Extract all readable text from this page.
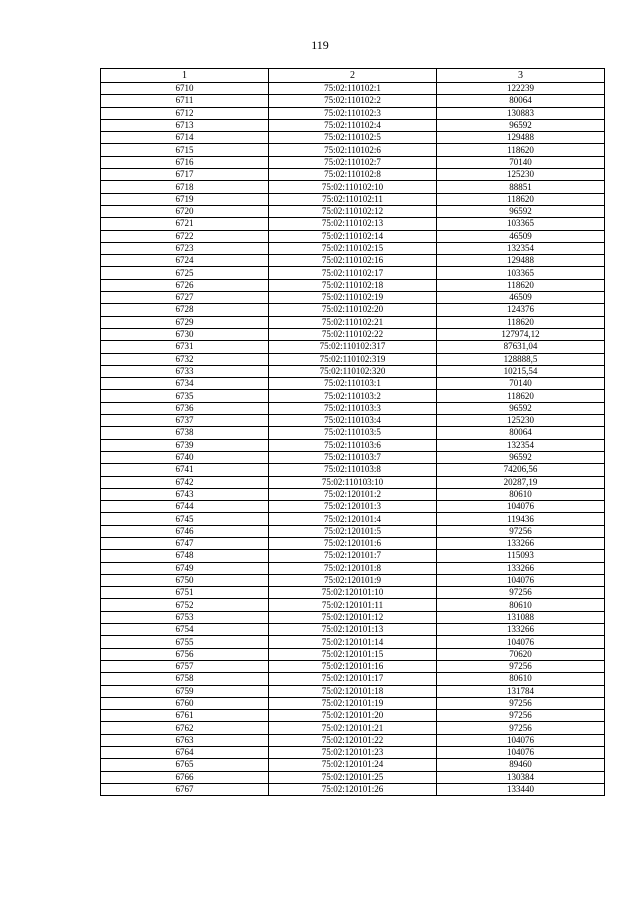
119
1	2	3
6710	75:02:110102:1	122239
6711	75:02:110102:2	80064
6712	75:02:110102:3	130883
6713	75:02:110102:4	96592
6714	75:02:110102:5	129488
6715	75:02:110102:6	118620
6716	75:02:110102:7	70140
6717	75:02:110102:8	125230
6718	75:02:110102:10	88851
6719	75:02:110102:11	118620
6720	75:02:110102:12	96592
6721	75:02:110102:13	103365
6722	75:02:110102:14	46509
6723	75:02:110102:15	132354
6724	75:02:110102:16	129488
6725	75:02:110102:17	103365
6726	75:02:110102:18	118620
6727	75:02:110102:19	46509
6728	75:02:110102:20	124376
6729	75:02:110102:21	118620
6730	75:02:110102:22	127974,12
6731	75:02:110102:317	87631,04
6732	75:02:110102:319	128888,5
6733	75:02:110102:320	10215,54
6734	75:02:110103:1	70140
6735	75:02:110103:2	118620
6736	75:02:110103:3	96592
6737	75:02:110103:4	125230
6738	75:02:110103:5	80064
6739	75:02:110103:6	132354
6740	75:02:110103:7	96592
6741	75:02:110103:8	74206,56
6742	75:02:110103:10	20287,19
6743	75:02:120101:2	80610
6744	75:02:120101:3	104076
6745	75:02:120101:4	119436
6746	75:02:120101:5	97256
6747	75:02:120101:6	133266
6748	75:02:120101:7	115093
6749	75:02:120101:8	133266
6750	75:02:120101:9	104076
6751	75:02:120101:10	97256
6752	75:02:120101:11	80610
6753	75:02:120101:12	131088
6754	75:02:120101:13	133266
6755	75:02:120101:14	104076
6756	75:02:120101:15	70620
6757	75:02:120101:16	97256
6758	75:02:120101:17	80610
6759	75:02:120101:18	131784
6760	75:02:120101:19	97256
6761	75:02:120101:20	97256
6762	75:02:120101:21	97256
6763	75:02:120101:22	104076
6764	75:02:120101:23	104076
6765	75:02:120101:24	89460
6766	75:02:120101:25	130384
6767	75:02:120101:26	133440
